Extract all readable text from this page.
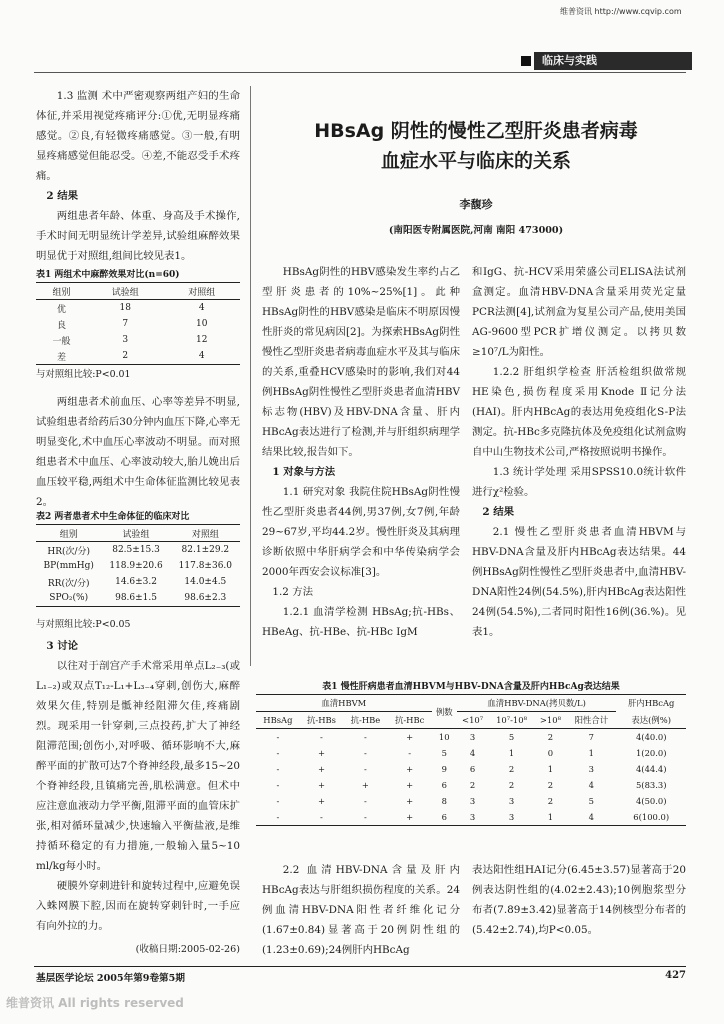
维普资讯 http://www.cqvip.com
临床与实践

1.3 监测 术中严密观察两组产妇的生命体征,并采用视觉疼痛评分:①优,无明显疼痛感觉。②良,有轻微疼痛感觉。③一般,有明显疼痛感觉但能忍受。④差,不能忍受手术疼痛。

2 结果

两组患者年龄、体重、身高及手术操作,手术时间无明显统计学差异,试验组麻醉效果明显优于对照组,组间比较见表1。

表1 两组术中麻醉效果对比(n=60)
组别	试验组	对照组
优	18	4
良	7	10
一般	3	12
差	2	4
与对照组比较:P<0.01

两组患者术前血压、心率等差异不明显,试验组患者给药后30分钟内血压下降,心率无明显变化,术中血压心率波动不明显。而对照组患者术中血压、心率波动较大,胎儿娩出后血压较平稳,两组术中生命体征监测比较见表2。

表2 两者患者术中生命体征的临床对比
组别	试验组	对照组
HR(次/分)	82.5±15.3	82.1±29.2
BP(mmHg)	118.9±20.6	117.8±36.0
RR(次/分)	14.6±3.2	14.0±4.5
SPO₂(%)	98.6±1.5	98.6±2.3
与对照组比较:P<0.05

3 讨论

以往对于剖宫产手术常采用单点L₂₋₃(或L₁₋₂)或双点T₁₂-L₁+L₃₋₄穿刺,创伤大,麻醉效果欠佳,特别是骶神经阻滞欠佳,疼痛剧烈。现采用一针穿刺,三点投药,扩大了神经阻滞范围;创伤小,对呼吸、循环影响不大,麻醉平面的扩散可达7个脊神经段,最多15~20个脊神经段,且镇痛完善,肌松满意。但术中应注意血液动力学平衡,阻滞平面的血管床扩张,相对循环量减少,快速输入平衡盐液,是维持循环稳定的有力措施,一般输入量5~10 ml/kg每小时。

硬膜外穿刺进针和旋转过程中,应避免误入蛛网膜下腔,因而在旋转穿刺针时,一手应有向外拉的力。

(收稿日期:2005-02-26)

HBsAg 阴性的慢性乙型肝炎患者病毒
血症水平与临床的关系
李馥珍
(南阳医专附属医院,河南 南阳 473000)

HBsAg阴性的HBV感染发生率约占乙型肝炎患者的10%~25%[1]。此种HBsAg阴性的HBV感染是临床不明原因慢性肝炎的常见病因[2]。为探索HBsAg阴性慢性乙型肝炎患者病毒血症水平及其与临床的关系,重叠HCV感染时的影响,我们对44例HBsAg阴性慢性乙型肝炎患者血清HBV标志物(HBV)及HBV-DNA含量、肝内HBcAg表达进行了检测,并与肝组织病理学结果比较,报告如下。

1 对象与方法

1.1 研究对象 我院住院HBsAg阴性慢性乙型肝炎患者44例,男37例,女7例,年龄29~67岁,平均44.2岁。慢性肝炎及其病理诊断依照中华肝病学会和中华传染病学会2000年西安会议标准[3]。

1.2 方法

1.2.1 血清学检测 HBsAg;抗-HBs、HBeAg、抗-HBe、抗-HBc IgM

和IgG、抗-HCV采用荣盛公司ELISA法试剂盒测定。血清HBV-DNA含量采用荧光定量PCR法测[4],试剂盒为复星公司产品,使用美国AG-9600型PCR扩增仪测定。以拷贝数≥10⁷/L为阳性。

1.2.2 肝组织学检查 肝活检组织做常规HE染色,损伤程度采用Knode Ⅱ记分法(HAI)。肝内HBcAg的表达用免疫组化S-P法测定。抗-HBc多克隆抗体及免疫组化试剂盒购自中山生物技术公司,严格按照说明书操作。

1.3 统计学处理 采用SPSS10.0统计软件进行χ²检验。

2 结果

2.1 慢性乙型肝炎患者血清HBVM与HBV-DNA含量及肝内HBcAg表达结果。44例HBsAg阴性慢性乙型肝炎患者中,血清HBV-DNA阳性24例(54.5%),肝内HBcAg表达阳性24例(54.5%),二者同时阳性16例(36.%)。见表1。

表1 慢性肝病患者血清HBVM与HBV-DNA含量及肝内HBcAg表达结果
血清HBVM				例数	血清HBV-DNA(拷贝数/L)				肝内HBcAg
HBsAg	抗-HBs	抗-HBe	抗-HBc		<10⁷	10⁷-10⁸	>10⁸	阳性合计	表达(例%)
-	-	-	+	10	3	5	2	7	4(40.0)
-	+	-	-	5	4	1	0	1	1(20.0)
-	+	-	+	9	6	2	1	3	4(44.4)
-	+	+	+	6	2	2	2	4	5(83.3)
-	+	-	+	8	3	3	2	5	4(50.0)
-	-	-	+	6	3	3	1	4	6(100.0)

2.2 血清HBV-DNA含量及肝内HBcAg表达与肝组织损伤程度的关系。24例血清HBV-DNA阳性者纤维化记分(1.67±0.84)显著高于20例阴性组的(1.23±0.69);24例肝内HBcAg

表达阳性组HAI记分(6.45±3.57)显著高于20例表达阴性组的(4.02±2.43);10例胞浆型分布者(7.89±3.42)显著高于14例核型分布者的(5.42±2.74),均P<0.05。

基层医学论坛 2005年第9卷第5期	427
维普资讯 All rights reserved
